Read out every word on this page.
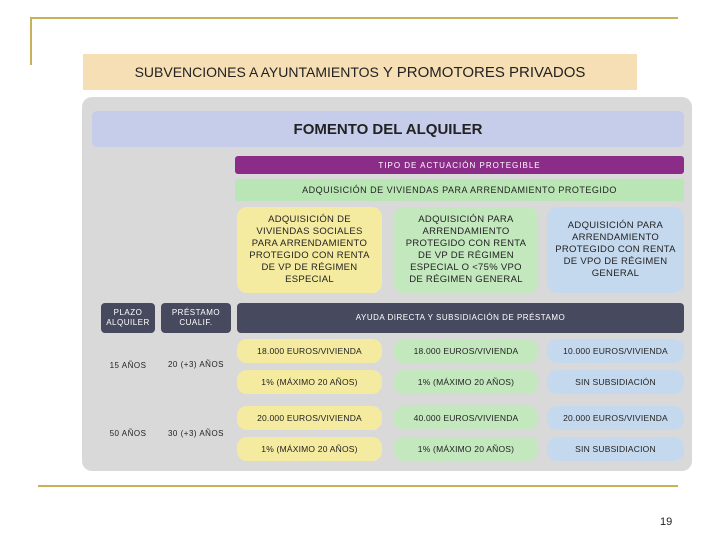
SUBVENCIONES A AYUNTAMIENTOS Y PROMOTORES PRIVADOS
FOMENTO DEL ALQUILER
TIPO DE ACTUACIÓN PROTEGIBLE
ADQUISICIÓN DE VIVIENDAS PARA ARRENDAMIENTO PROTEGIDO
ADQUISICIÓN DE VIVIENDAS SOCIALES PARA ARRENDAMIENTO PROTEGIDO CON RENTA DE VP DE RÉGIMEN ESPECIAL
ADQUISICIÓN PARA ARRENDAMIENTO PROTEGIDO CON RENTA DE VP DE RÉGIMEN ESPECIAL O <75% VPO DE RÉGIMEN GENERAL
ADQUISICIÓN PARA ARRENDAMIENTO PROTEGIDO CON RENTA DE VPO DE RÉGIMEN GENERAL
PLAZO ALQUILER
PRÉSTAMO CUALIF.
AYUDA DIRECTA Y SUBSIDIACIÓN DE PRÉSTAMO
15 AÑOS	20 (+3) AÑOS
18.000 EUROS/VIVIENDA	18.000 EUROS/VIVIENDA	10.000 EUROS/VIVIENDA
1% (MÁXIMO 20 AÑOS)	1% (MÁXIMO 20 AÑOS)	SIN SUBSIDIACIÓN
50 AÑOS	30 (+3) AÑOS
20.000 EUROS/VIVIENDA	40.000 EUROS/VIVIENDA	20.000 EUROS/VIVIENDA
1% (MÁXIMO 20 AÑOS)	1% (MÁXIMO 20 AÑOS)	SIN SUBSIDIACION
19
